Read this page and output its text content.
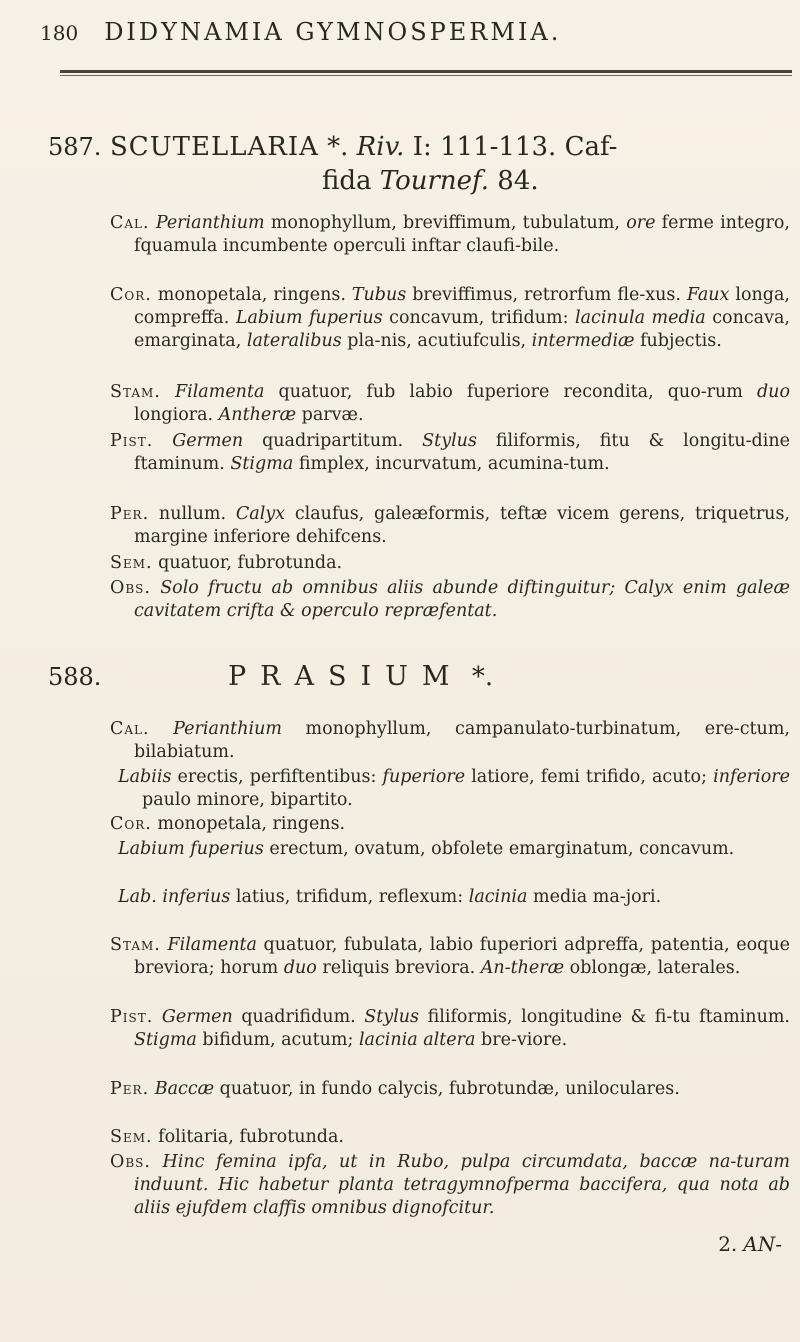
180 DIDYNAMIA GYMNOSPERMIA.
587. SCUTELLARIA *. Riv. I: 111-113. Caf-
fida Tournef. 84.
Cal. Perianthium monophyllum, breviffimum, tubulatum, ore ferme integro, fquamula incumbente operculi inftar claufi-bile.
Cor. monopetala, ringens. Tubus breviffimus, retrorfum fle-xus. Faux longa, compreffa. Labium fuperius concavum, trifidum: lacinula media concava, emarginata, lateralibus pla-nis, acutiufculis, intermediæ fubjectis.
Stam. Filamenta quatuor, fub labio fuperiore recondita, quo-rum duo longiora. Antheræ parvæ.
Pist. Germen quadripartitum. Stylus filiformis, fitu & longitu-dine ftaminum. Stigma fimplex, incurvatum, acumina-tum.
Per. nullum. Calyx claufus, galeæformis, teftæ vicem gerens, triquetrus, margine inferiore dehifcens.
Sem. quatuor, fubrotunda.
Obs. Solo fructu ab omnibus aliis abunde diftinguitur; Calyx enim galeæ cavitatem crifta & operculo repræfentat.
588.	PRASIUM *.
Cal. Perianthium monophyllum, campanulato-turbinatum, ere-ctum, bilabiatum.
Labiis erectis, perfiftentibus: fuperiore latiore, femi trifido, acuto; inferiore paulo minore, bipartito.
Cor. monopetala, ringens.
Labium fuperius erectum, ovatum, obfolete emarginatum, concavum.
Lab. inferius latius, trifidum, reflexum: lacinia media ma-jori.
Stam. Filamenta quatuor, fubulata, labio fuperiori adpreffa, patentia, eoque breviora; horum duo reliquis breviora. An-theræ oblongæ, laterales.
Pist. Germen quadrifidum. Stylus filiformis, longitudine & fi-tu ftaminum. Stigma bifidum, acutum; lacinia altera bre-viore.
Per. Baccæ quatuor, in fundo calycis, fubrotundæ, uniloculares.
Sem. folitaria, fubrotunda.
Obs. Hinc femina ipfa, ut in Rubo, pulpa circumdata, baccæ na-turam induunt. Hic habetur planta tetragymnofperma baccifera, qua nota ab aliis ejufdem claffis omnibus dignofcitur.
2. AN-
